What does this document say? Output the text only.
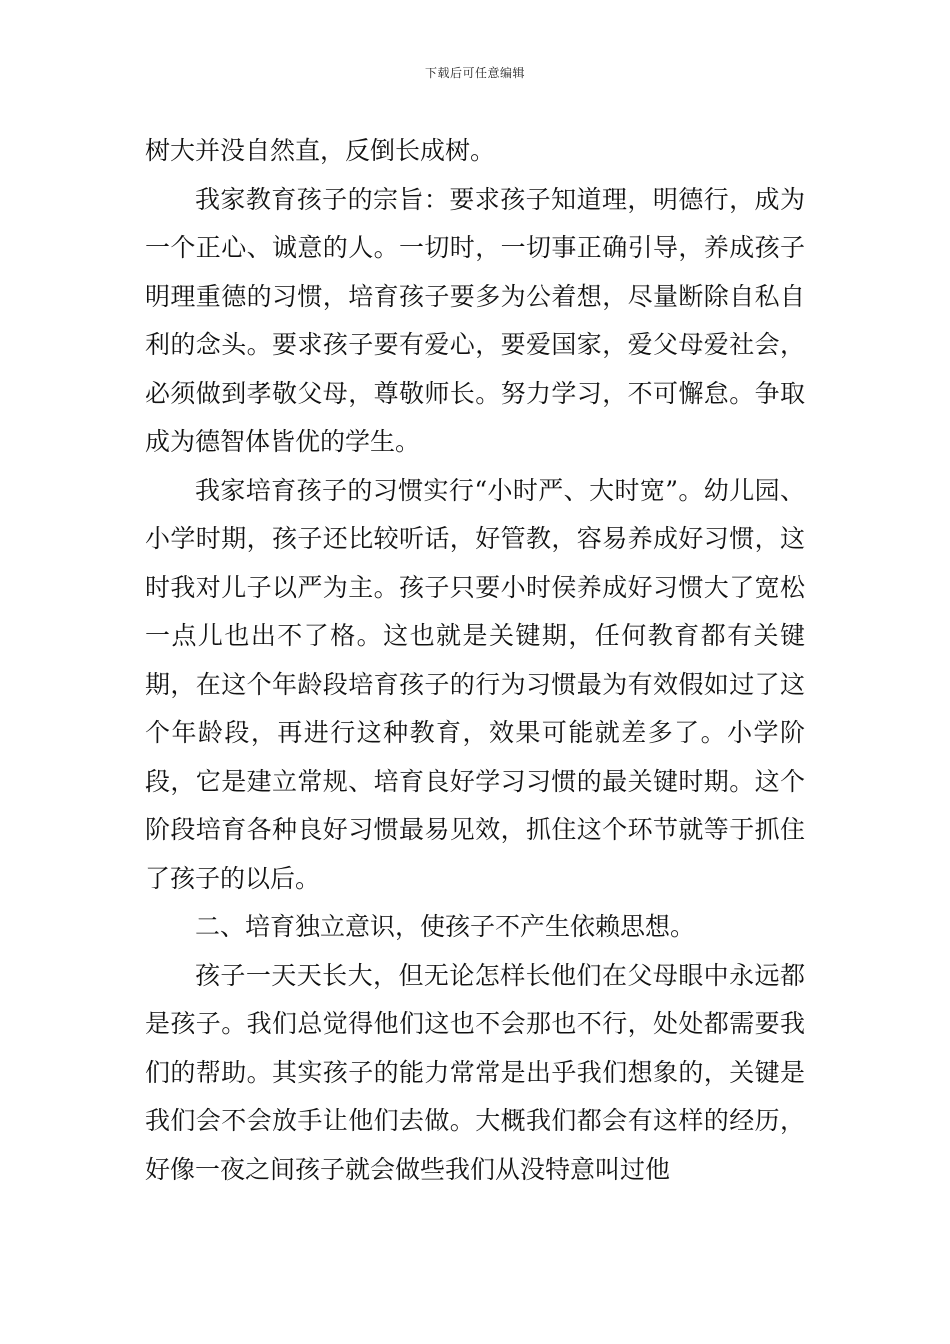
下载后可任意编辑

树大并没自然直，反倒长成树。

我家教育孩子的宗旨：要求孩子知道理，明德行，成为一个正心、诚意的人。一切时，一切事正确引导，养成孩子明理重德的习惯，培育孩子要多为公着想，尽量断除自私自利的念头。要求孩子要有爱心，要爱国家，爱父母爱社会，必须做到孝敬父母，尊敬师长。努力学习，不可懈怠。争取成为德智体皆优的学生。

我家培育孩子的习惯实行“小时严、大时宽”。幼儿园、小学时期，孩子还比较听话，好管教，容易养成好习惯，这时我对儿子以严为主。孩子只要小时侯养成好习惯大了宽松一点儿也出不了格。这也就是关键期，任何教育都有关键期，在这个年龄段培育孩子的行为习惯最为有效假如过了这个年龄段，再进行这种教育，效果可能就差多了。小学阶段，它是建立常规、培育良好学习习惯的最关键时期。这个阶段培育各种良好习惯最易见效，抓住这个环节就等于抓住了孩子的以后。

二、培育独立意识，使孩子不产生依赖思想。

孩子一天天长大，但无论怎样长他们在父母眼中永远都是孩子。我们总觉得他们这也不会那也不行，处处都需要我们的帮助。其实孩子的能力常常是出乎我们想象的，关键是我们会不会放手让他们去做。大概我们都会有这样的经历，好像一夜之间孩子就会做些我们从没特意叫过他
